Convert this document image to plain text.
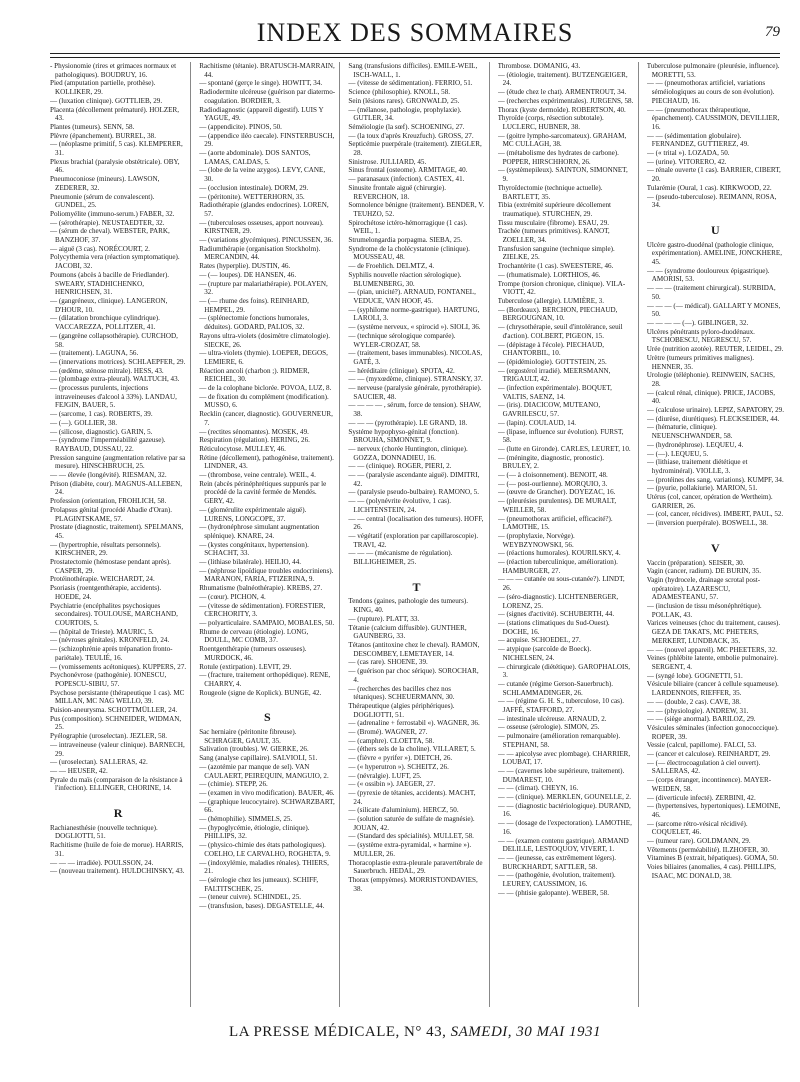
INDEX DES SOMMAIRES	79
- Physionomie (rires et grimaces normaux et pathologiques). BOUDRUY, 16.
Pied (amputation partielle, prothèse). KOLLIKER, 29.
— (luxation clinique). GOTTLIEB, 29.
Placenta (décollement prématuré). HOLZER, 43.
Plantes (tumeurs). SENN, 58.
Plèvre (épanchement). BURREL, 38.
— (néoplasme primitif, 5 cas). KLEMPERER, 31.
Plexus brachial (paralysie obstétricale). OBY, 46.
Pneumoconiose (mineurs). LAWSON, ZEDERER, 32.
Pneumonie (sérum de convalescent). GUNDEL, 25.
Poliomyélite (immuno-serum.) FABER, 32.
— (sérothérapie). NEUSTAEDTER, 32.
— (sérum de cheval). WEBSTER, PARK, BANZHOF, 37.
— aiguë (3 cas). NORÉCOURT, 2.
Polycythemia vera (réaction symptomatique). JACOBI, 32.
Poumons (abcès à bacille de Friedlander). SWEARY, STADHICHENKO, HENRICHSEN, 31.
— (gangréneux, clinique). LANGERON, D'HOUR, 10.
— (dilatation bronchique cylindrique). VACCAREZZA, POLLITZER, 41.
— (gangrène collapsothérapie). CURCHOD, 58.
— (traitement). LAGUNA, 56.
— (innervations motrices). SCHLAEPFER, 29.
— (œdème, sténose mitrale). HESS, 43.
— (plombage extra-pleural). WALTUCH, 43.
— (processus purulents, injections intraveineuses d'alcool à 33%). LANDAU, FEJGIN, BAUER, 5.
— (sarcome, 1 cas). ROBERTS, 39.
— (—). GOLLIER, 38.
— (silicose, diagnostic). GARIN, 5.
— (syndrome l'imperméabilité gazeuse). RAYBAUD, DUSSAU, 22.
Pression sanguine (augmentation relative par sa mesure). HINSCHBRUCH, 25.
— — élevée (longévité). RIESMAN, 32.
Prison (diabète, cour). MAGNUS-ALLEBEN, 24.
Profession (orientation, FROHLICH, 58.
Prolapsus génital (procédé Abadie d'Oran). PLAGINTSKAME, 57.
Prostate (diagnostic, traitement). SPELMANS, 45.
— (hypertrophie, résultats personnels). KIRSCHNER, 29.
Prostatectomie (hémostase pendant après). CASPER, 29.
Protéinothérapie. WEICHARDT, 24.
Psoriasis (roentgenthérapie, accidents). HOEDE, 24.
Psychiatrie (encéphalites psychosiques secondaires). TOULOUSE, MARCHAND, COURTOIS, 5.
— (hôpital de Trieste). MAURIC, 5.
— (névroses génitales). KRONFELD, 24.
— (schizophrénie après trépanation fronto-pariétale). TEULIÉ, 16.
— (vomissements acétoniques). KUPPERS, 27.
Psychonévrose (pathogénie). IONESCU, POPESCU-SIBIU, 57.
Psychose persistante (thérapeutique 1 cas). MC MILLAN, MC NAG WELLO, 39.
Puision-aneurysma. SCHOTTMÜLLER, 24.
Pus (composition). SCHNEIDER, WIDMAN, 25.
Pyélographie (uroselectan). JEZLER, 58.
— intraveineuse (valeur clinique). BARNECH, 29.
— (uroselectan). SALLERAS, 42.
— — HEUSER, 42.
Pyrale du maïs (comparaison de la résistance à l'infection). ELLINGER, CHORINE, 14.
R
Rachianesthésie (nouvelle technique). DOGLIOTTI, 51.
Rachitisme (huile de foie de morue). HARRIS, 31.
— — — irradiée). POULSSON, 24.
— (nouveau traitement). HULDCHINSKY, 43.
Rachitisme (tétanie). BRATUSCH-MARRAIN, 44.
— spontané (gerçe le singe). HOWITT, 34.
Radiodermite ulcéreuse (guérison par diatermo-coagulation. BORDIER, 3.
Radiodiagnostic (appareil digestif). LUIS Y YAGUE, 49.
— (appendicite). PINOS, 50.
— (appendice iléo caecale). FINSTERBUSCH, 29.
— (aorte abdominale). DOS SANTOS, LAMAS, CALDAS, 5.
— (lobe de la veine azygos). LEVY, CANE, 30.
— (occlusion intestinale). DORM, 29.
— (péritonite). WETTERHORN, 35.
Radiothérapie (glandes endocrines). LOREN, 57.
— (tuberculoses osseuses, apport nouveau). KIRSTNER, 29.
— (variations glycémiques). PINCUSSEN, 36.
Radiumthérapie (organisation Stockholm). MERCANDIN, 44.
Rates (hyperplie). DUSTIN, 46.
— (— loupes). DE HANSEN, 46.
— (rupture par malariathérapie). POLAYEN, 32.
— (— rhume des foins). REINHARD, HEMPEL, 29.
— (splénectomie fonctions humorales, déduites). GODARD, PALIOS, 32.
Rayons ultra-violets (dosimètre climatologie). SIECKE, 26.
— ultra-violets (thymie). LOEPER, DEGOS, LEMIERE, 6.
Réaction ancoli (charbon ;). RIDMER, REICHEL, 30.
— de la colophane biclorée. POVOA, LUZ, 8.
— de fixation du complément (modification). MUSSO, 6.
Recklin (cancer, diagnostic). GOUVERNEUR, 7.
— (rectites sénomantes). MOSEK, 49.
Respiration (régulation). HERING, 26.
Réticulocytose. MULLEY, 46.
Rétine (décollement), pathogénèse, traitement). LINDNER, 43.
— (thrombose, veine centrale). WEIL, 4.
Rein (abcès périnéphrétiques suppurés par le procédé de la cavité fermée de Mendés. GERY, 42.
— (glomérulite expérimentale aiguë). LURENS, LONGCOPE, 37.
— (hydronéphrose simulant augmentation splénique). KNARE, 24.
— (kystes congénitaux, hypertension). SCHACHT, 33.
— (lithiase bilatérale). HEILIO, 44.
— (néphrose lipoïdique troubles endocriniens). MARANON, FARIA, FTIZERINA, 9.
Rhumatisme (balnéothérapie). KREBS, 27.
— (cœur). PICHON, 4.
— (vitesse de sédimentation). FORESTIER, CERCHORITY, 3.
— polyarticulaire. SAMPAIO, MOBALES, 50.
Rhume de cerveau (étiologie). LONG, DOULL, MC COMB, 37.
Roentgenthérapie (tumeurs osseuses). MURDOCK, 46.
Rotule (extirpation). LEVIT, 29.
— (fracture, traitement orthopédique). RENE, CHARRY, 4.
Rougeole (signe de Koplick). BUNGE, 42.
S
Sac herniaire (péritonite fibreuse). SCHRAGER, GAULT, 35.
Salivation (troubles). W. GIERKE, 26.
Sang (analyse capillaire). SALVIOLI, 51.
— (azotémie par manque de sel). VAN CAULAERT, PEIREQUIN, MANGUIO, 2.
— (chimie). STEPP, 26.
— (examen in vivo modification). BAUER, 46.
— (graphique leucocytaire). SCHWARZBART, 66.
— (hémophilie). SIMMELS, 25.
— (hypoglycémie, étiologie, clinique). PHILLIPS, 32.
— (physico-chimie des états pathologiques). COELHO, LE CARVALHO, ROGHETA, 9.
— (indoxylémie, maladies rénales). THIERS, 21.
— (sérologie chez les jumeaux). SCHIFF, FALTITSCHEK, 25.
— (teneur cuivre). SCHINDEL, 25.
— (transfusion, bases). DEGASTELLE, 44.
Sang (transfusions difficiles). EMILE-WEIL, ISCH-WALL, 1.
— (vitesse de sédimentation). FERRIO, 51.
Science (philosophie). KNOLL, 58.
Sein (lésions rares). GRONWALD, 25.
— (mélanose, pathologie, prophylaxie). GUTLER, 34.
Séméiologie (la sœf). SCHOENING, 27.
— (la toux d'après Kreuzfuch). GROSS, 27.
Septicémie puerpérale (traitement). ZIEGLER, 28.
Sinistrose. JULLIARD, 45.
Sinus frontal (osteome). ARMITAGE, 40.
— paranasaux (infection). CASTEX, 41.
Sinusite frontale aiguë (chirurgie). REVERCHON, 18.
Somnolence bénigne (traitement). BENDER, V. TEUHZO, 52.
Spirochétose ictéro-hémorragique (1 cas). WEIL, 1.
Strumelongardia porpagma. SIEBA, 25.
Syndrome de la cholécystatonie (clinique). MOUSSEAU, 48.
— de Froehlich. DELMTZ, 4.
Syphilis nouvelle réaction sérologique). BLUMENBERG, 30.
— (pian, unicité?). ARNAUD, FONTANEL, VEDUCE, VAN HOOF, 45.
— (syphilome norme-gastrique). HARTUNG, LAROLI, 3.
— (système nerveux, « spirocid »). SIOLI, 36.
— (technique sérologique comparée). WYLER-CROZAT, 58.
— (traitement, bases immunables). NICOLAS, GATÉ, 3.
— héréditaire (clinique). SPOTA, 42.
— — (myxœdème, clinique). STRANSKY, 37.
— nerveuse (paralysie générale, pyrothérapie). SAUCIER, 48.
— — — — , sérum, force de tension). SHAW, 38.
— — — (pyrothérapie). LE GRAND, 18.
Systéme hypophyso-génital (fonction). BROUHA, SIMONNET, 9.
— nerveux (chorée Huntington, clinique). GOZZA, DONNADIEU, 16.
— — (clinique). ROGER, PIERI, 2.
— — (paralysie ascendante aiguë). DIMITRI, 42.
— (paralysie pseudo-bulbaire). RAMONO, 5.
— — (polynévrite évolutive, 1 cas). LICHTENSTEIN, 24.
— — central (localisation des tumeurs). HOFF, 26.
— végétatif (exploration par capillaroscopie). TRAVI, 42.
— — — (mécanisme de régulation). BILLIGHEIMER, 25.
T
Tendons (gaines, pathologie des tumeurs). KING, 40.
— (rupture). PLATT, 33.
Tétanie (calcium diffusible). GUNTHER, GAUNBERG, 33.
Tétanos (antitoxine chez le cheval). RAMON, DESCOMBEY, LEMETAYER, 14.
— (cas rare). SHOENE, 39.
— (guérison par choc sérique). SOROCHAR, 4.
— (recherches des bacilles chez nos tétaniques). SCHEUERMANN, 30.
Thérapeutique (algies périphériques). DOGLIOTTI, 51.
— (adrenaline + ferrostabil «). WAGNER, 36.
— (Bromé). WAGNER, 27.
— (camphre). CLOETTA, 58.
— (éthers sels de la choline). VILLARET, 5.
— (fièvre « pyrifer »). DIETCH, 26.
— (« hyperutron »). SCHEITZ, 26.
— (névralgie). LUFT, 25.
— (« ossibin »). JAEGER, 27.
— (pyrexie de tétanies, accidents). MACHT, 24.
— (silicate d'aluminium). HERCZ, 50.
— (solution saturée de sulfate de magnésie). JOUAN, 42.
— (Standard des spécialités). MULLET, 58.
— (système extra-pyramidal, « harmine »). MULLER, 26.
Thoracoplastie extra-pleurale paravertébrale de Sauerbruch. HEDAL, 29.
Thorax (empyèmes). MORRISTONDAVIES, 38.
Thrombose. DOMANIG, 43.
— (étiologie, traitement). BUTZENGEIGER, 24.
— (étude chez le chat). ARMENTROUT, 34.
— (recherches expérimentales). JURGENS, 58.
Thorax (kyste dermoïde). ROBERTSON, 40.
Thyroïde (corps, résection subtotale). LUCLERC, HUBNER, 38.
— (goitre lympho-sarcomateux). GRAHAM, MC CULLAGH, 38.
— (métabolisme des hydrates de carbone). POPPER, HIRSCHHORN, 26.
— (systèmepileux). SAINTON, SIMONNET, 9.
Thyroïdectomie (technique actuelle). BARTLETT, 35.
Tibia (extrémité supérieure décollement traumatique). STURCHEN, 29.
Tissu musculaire (fibrome). ESAU, 29.
Trachée (tumeurs primitives). KANOT, ZOELLER, 34.
Transfusion sanguine (technique simple). ZIELKE, 25.
Trochantérite (1 cas). SWEESTERE, 46.
— (rhumatismale). LORTHIOS, 46.
Trompe (torsion chronique, clinique). VILA-VIOTT, 42.
Tuberculose (allergie). LUMIÈRE, 3.
— (Bordeaux). BERCHON, PIECHAUD, BERGOUGNAN, 10.
— (chrysothérapie, seuil d'intolérance, seuil d'action). COLBERT, PIGEON, 15.
— (dépistage à l'école). PIECHAUD, CHANTORBIL, 10.
— (épidémiologie). GOTTSTEIN, 25.
— (ergostérol irradié). MEERSMANN, TRIGAULT, 42.
— (infection expérimentale). BOQUET, VALTIS, SAENZ, 14.
— (iris). DIACICOW, MUTEANO, GAVRILESCU, 57.
— (lapin). COULAUD, 14.
— (lipase, influence sur évolution). FURST, 58.
— (lutte en Gironde). CARLES, LEURET, 10.
— (méningite, diagnostic, pronostic). BRULEY, 2.
— (— à cloisonnement). BENOIT, 48.
— (— post-ourlienne). MORQUIO, 3.
— (œuvre de Grancher). DOYEZAC, 16.
— (pleurésies purulentes). DE MURALT, WEILLER, 58.
— (pneumothorax artificiel, efficacité?). LAMOTHE, 15.
— (prophylaxie, Norvège). WEYBZYNOWSKI, 56.
— (réactions humorales). KOURILSKY, 4.
— (réaction tuberculinique, amélioration). HAMBURGER, 27.
— — — cutanée ou sous-cutanée?). LINDT, 26.
— (séro-diagnostic). LICHTENBERGER, LORENZ, 25.
— (signes d'activité). SCHUBERTH, 44.
— (stations climatiques du Sud-Ouest). DOCHE, 16.
— acquise. SCHOEDEL, 27.
— atypique (sarcoïde de Boeck). NICHELSEN, 24.
— chirurgicale (diététique). GAROPHALOIS, 3.
— cutanée (régime Gerson-Sauerbruch). SCHLAMMADINGER, 26.
— — (régime G. H. S., tuberculose, 10 cas). JAFFÉ, STAFFORD, 27.
— intestinale ulcéreuse. ARNAUD, 2.
— osseuse (sérologie). SIMON, 25.
— pulmonaire (amélioration remarquable). STEPHANI, 58.
— — apicolyse avec plombage). CHARRIER, LOUBAT, 17.
— — (cavernes lobe supérieure, traitement). DUMAREST, 10.
— — (climat). CHEYN, 16.
— — (clinique). MERKLEN, GOUNELLE, 2.
— — (diagnostic bactériologique). DURAND, 16.
— — (dosage de l'expectoration). LAMOTHE, 16.
— — (examen contenu gastrique). ARMAND DELILLE, LESTOQUOY, VIVERT, 1.
— — (jeunesse, cas extrêmement légers). BURCKHARDT, SATTLER, 58.
— — (pathogénie, évolution, traitement). LEUREY, CAUSSIMON, 16.
— — (phtisie galopante). WEBER, 58.
Tuberculose pulmonaire (pleurésie, influence). MORETTI, 53.
— — (pneumothorax artificiel, variations séméiologiques au cours de son évolution). PIECHAUD, 16.
— — (pneumothorax thérapeutique, épanchement). CAUSSIMON, DEVILLIER, 16.
— — (sédimentation globulaire). FERNANDEZ, GUTTIEREZ, 49.
— (« trital »). LOZADA, 50.
— (urine). VITORERO, 42.
— rénale ouverte (1 cas). BARRIER, CIBERT, 20.
Tularémie (Oural, 1 cas). KIRKWOOD, 22.
— (pseudo-tuberculose). REIMANN, ROSA, 34.
U
Ulcère gastro-duodénal (pathologie clinique, expérimentation). AMELINE, JONCKHERE, 45.
— — (syndrome douloureux épigastrique). AMORISI, 53.
— — — (traitement chirurgical). SURBIDA, 50.
— — — (— médical). GALLART Y MONES, 50.
— — — — (—). GIBLINGER, 32.
Ulcères pénétrants pyloro-duodénaux. TSCHOBESCU, NEGRESCU, 57.
Urée (nutrition azotée). REUTER, LEIDEL, 29.
Urètre (tumeurs primitives malignes). HENNER, 35.
Urologie (téléphonie). REINWEIN, SACHS, 28.
— (calcul rénal, clinique). PRICE, JACOBS, 40.
— (calculose urinaire). LEPIZ, SAPATORY, 29.
— (diurèse, diurétiques). FLECKSEIDER, 44.
— (hématurie, clinique). NEUENSCHWANDER, 58.
— (hydronéphrose). LEQUEU, 4.
— (—). LEQUEU, 5.
— (lithiase, traitement diététique et hydrominéral). VIOLLE, 3.
— (protéines des sang, variations). KUMPF, 34.
— (pyurie, pollakiurie). MARION, 51.
Utérus (col, cancer, opération de Wertheim). GARRIER, 26.
— (col, cancer, récidives). IMBERT, PAUL, 52.
— (inversion puerpérale). BOSWELL, 38.
V
Vaccin (préparation). SEISER, 30.
Vagin (cancer, radium). DE BURIN, 35.
Vagin (hydrocele, drainage scrotal post-opératoire). LAZARESCU, ADAMESTEANU, 57.
— (inclusion de tissu mésonéphrétique). POLLAK, 43.
Varices veineuses (choc du traitement, causes). GEZA DE TAKATS, MC PHETERS, MERKERT, LUNDBACK, 35.
— — (nouvel appareil). MC PHEETERS, 32.
Veines (phlébite latente, embolie pulmonaire). SERGENT, 4.
— (syngé lobe). GOGNETTI, 51.
Vésicule biliaire (cancer à cellule squameuse). LARDENNOIS, RIEFFER, 35.
— — (double, 2 cas). CAVE, 38.
— — (physiologie). ANDREW, 31.
— — (siège anormal). BARILOZ, 29.
Vésicules séminales (infection gonococcique). ROPER, 39.
Vessie (calcul, papillome). FALCI, 53.
— (cancer et calculose). REINHARDT, 29.
— (— électrocoagulation à ciel ouvert). SALLERAS, 42.
— (corps étranger, incontinence). MAYER-WEIDEN, 58.
— (diverticule infecté). ZERBINI, 42.
— (hypertensives, hypertoniques). LEMOINE, 46.
— (sarcome rétro-vésical récidivé). COQUELET, 46.
— (tumeur rare). GOLDMANN, 29.
Vêtements (perméabilité). ILZHOFER, 30.
Vitamines B (extrait, hépatiques). GOMA, 50.
Voies biliaires (anomalies, 4 cas). PHILLIPS, ISAAC, MC DONALD, 38.
LA PRESSE MÉDICALE, N° 43, SAMEDI, 30 MAI 1931
